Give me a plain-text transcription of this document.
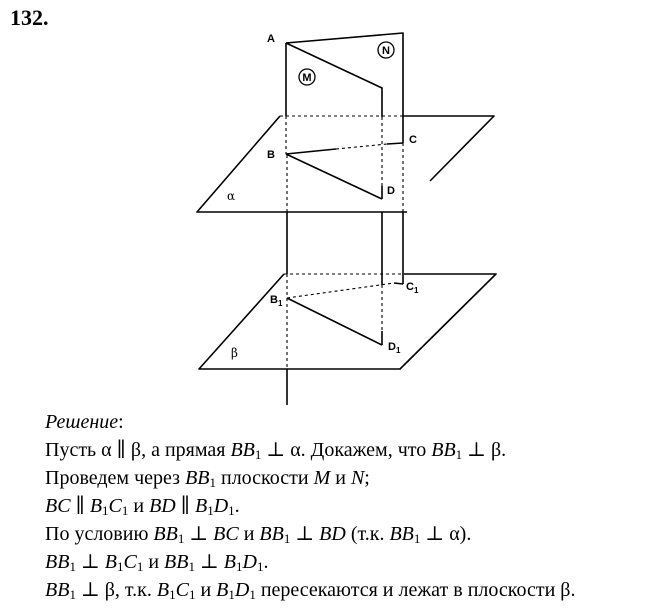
132.
M
N
A
B
C
D
α
$B_1$
$C_1$
$D_1$
β
Решение:
Пусть α ∥ β, а прямая $BB_1$ ⊥ α. Докажем, что $BB_1$ ⊥ β.
Проведем через $BB_1$ плоскости M и N;
BC ∥ $B_1C_1$ и BD ∥ $B_1D_1$.
По условию $BB_1$ ⊥ BC и $BB_1$ ⊥ BD (т.к. $BB_1$ ⊥ α).
$BB_1$ ⊥ $B_1C_1$ и $BB_1$ ⊥ $B_1D_1$.
$BB_1$ ⊥ β, т.к. $B_1C_1$ и $B_1D_1$ пересекаются и лежат в плоскости β.
